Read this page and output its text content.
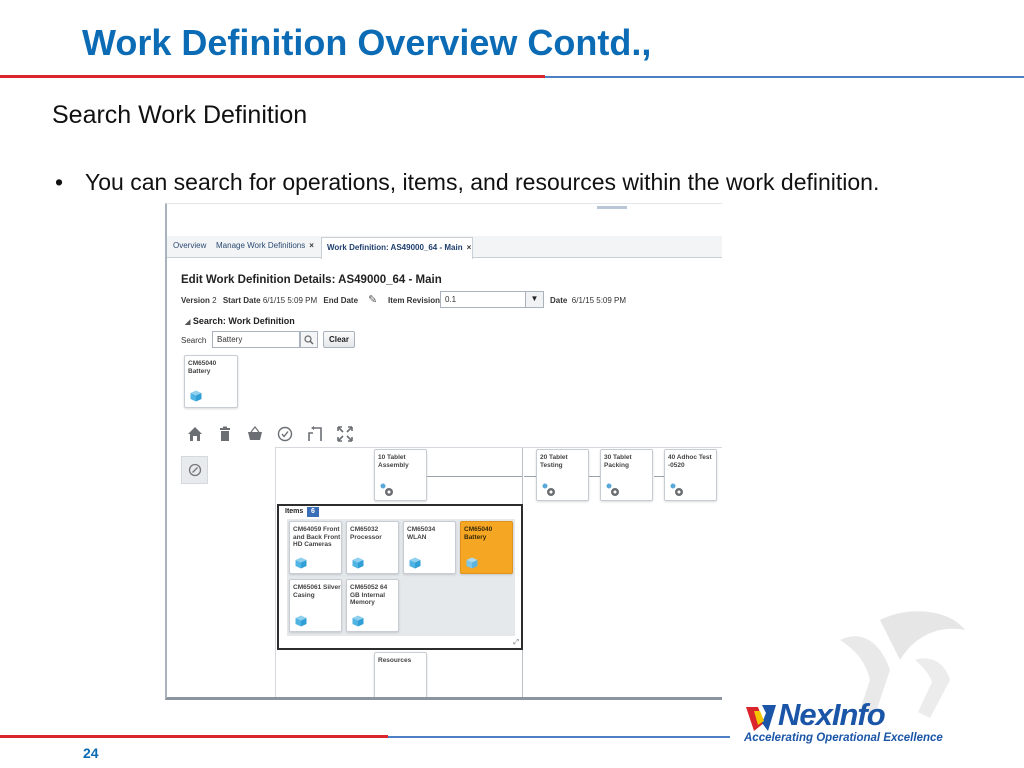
Work Definition Overview Contd.,
Search Work Definition
• You can search for operations, items, and resources within the work definition.
Overview Manage Work Definitions ×	Work Definition: AS49000_64 - Main ×
Edit Work Definition Details: AS49000_64 - Main
Version 2 Start Date 6/1/15 5:09 PM End Date ✎ Item Revision 0.1	▼	Date 6/1/15 5:09 PM
◢ Search: Work Definition
Search	Battery	Clear
CM65040
Battery
10 Tablet
Assembly
20 Tablet
Testing
30 Tablet
Packing
40 Adhoc Test
-0520
Items	6
CM64059 Front
and Back Front
HD Cameras
CM65032
Processor
CM65034
WLAN
CM65040
Battery
CM65061 Silver
Casing
CM65052 64
GB Internal
Memory
⤢
Resources
NexInfo
Accelerating Operational Excellence
24
